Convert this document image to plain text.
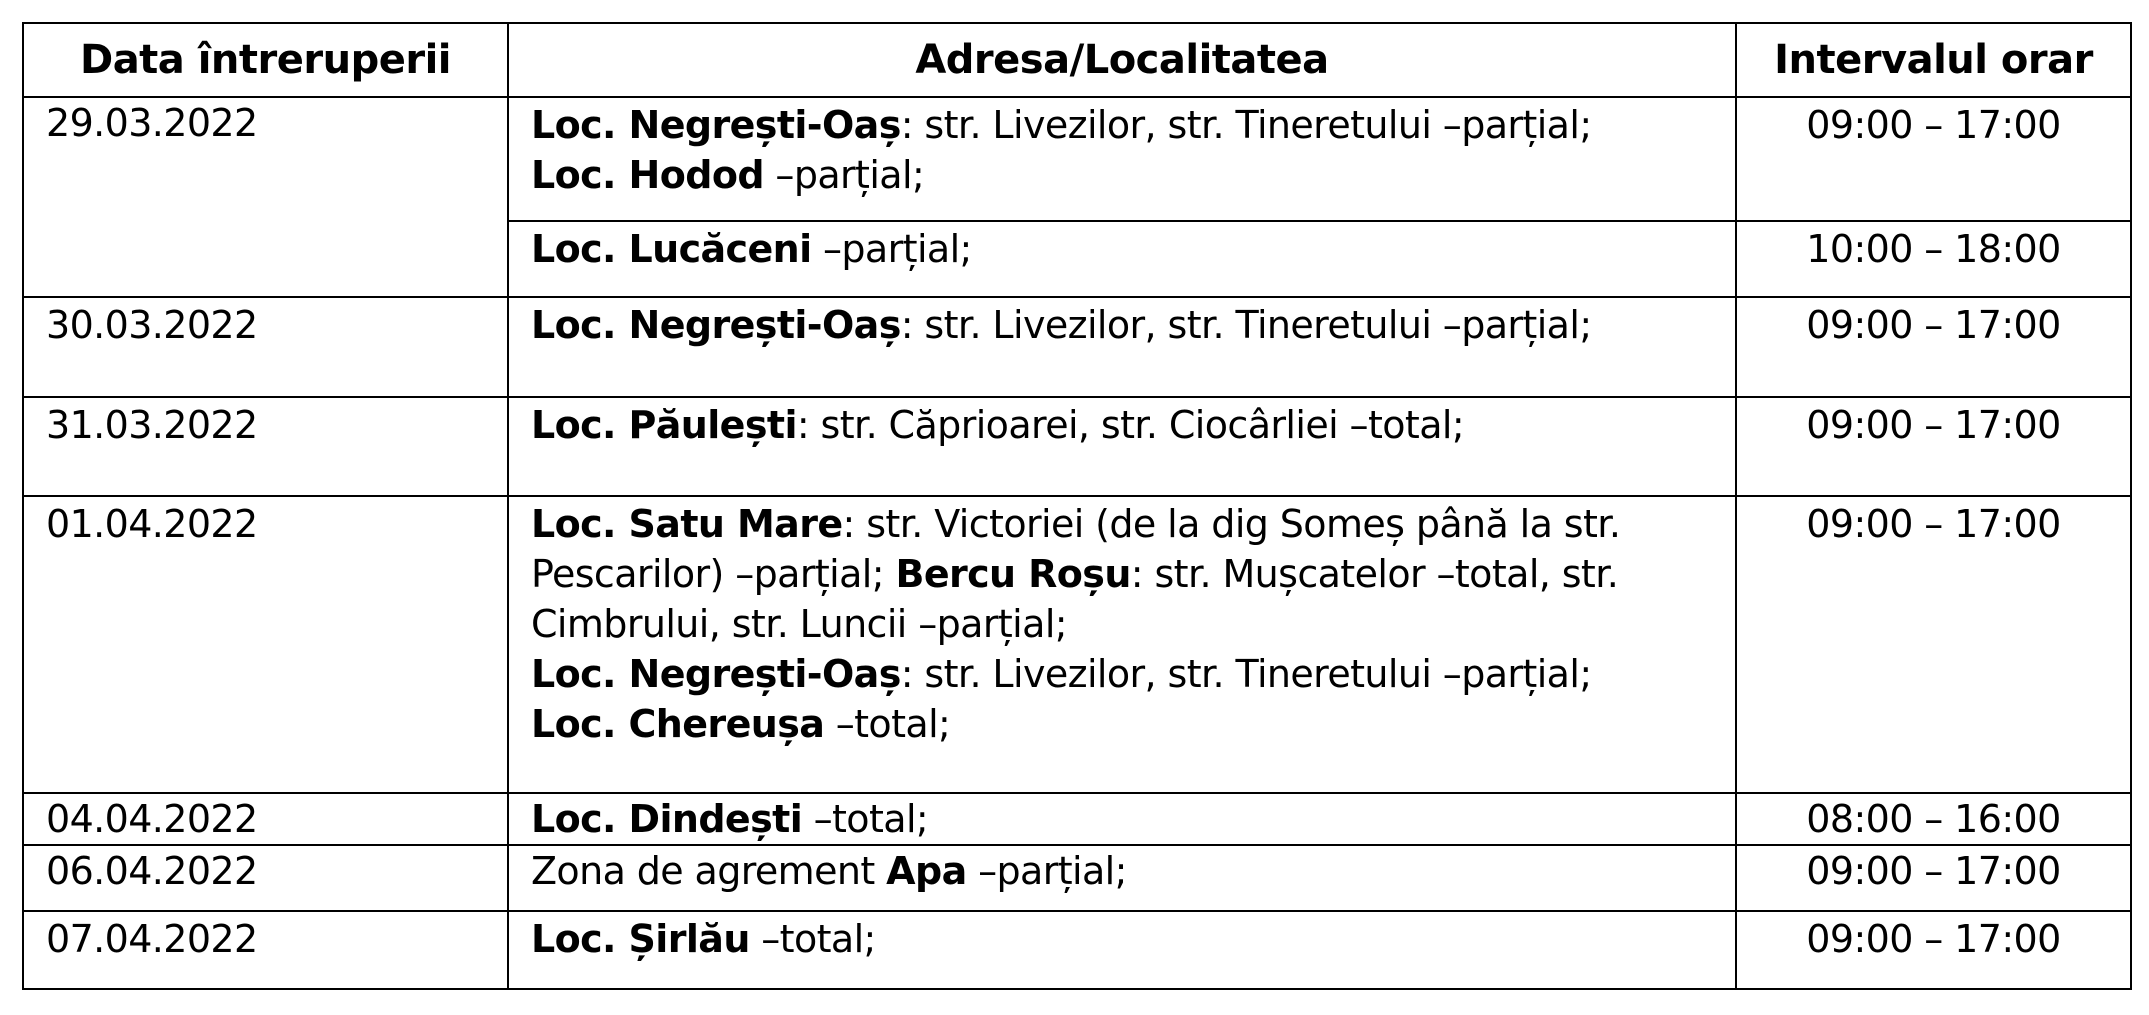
Data întreruperii	Adresa/Localitatea	Intervalul orar
29.03.2022	Loc. Negrești-Oaș: str. Livezilor, str. Tineretului –parțial;
Loc. Hodod –parțial;	09:00 – 17:00

	Loc. Lucăceni –parțial;	10:00 – 18:00
30.03.2022	Loc. Negrești-Oaș: str. Livezilor, str. Tineretului –parțial;	09:00 – 17:00
31.03.2022	Loc. Păulești: str. Căprioarei, str. Ciocârliei –total;	09:00 – 17:00
01.04.2022	Loc. Satu Mare: str. Victoriei (de la dig Someș până la str.
Pescarilor) –parțial; Bercu Roșu: str. Mușcatelor –total, str.
Cimbrului, str. Luncii –parțial;
Loc. Negrești-Oaș: str. Livezilor, str. Tineretului –parțial;
Loc. Chereușa –total;	09:00 – 17:00
04.04.2022	Loc. Dindești –total;	08:00 – 16:00
06.04.2022	Zona de agrement Apa –parțial;	09:00 – 17:00
07.04.2022	Loc. Șirlău –total;	09:00 – 17:00
